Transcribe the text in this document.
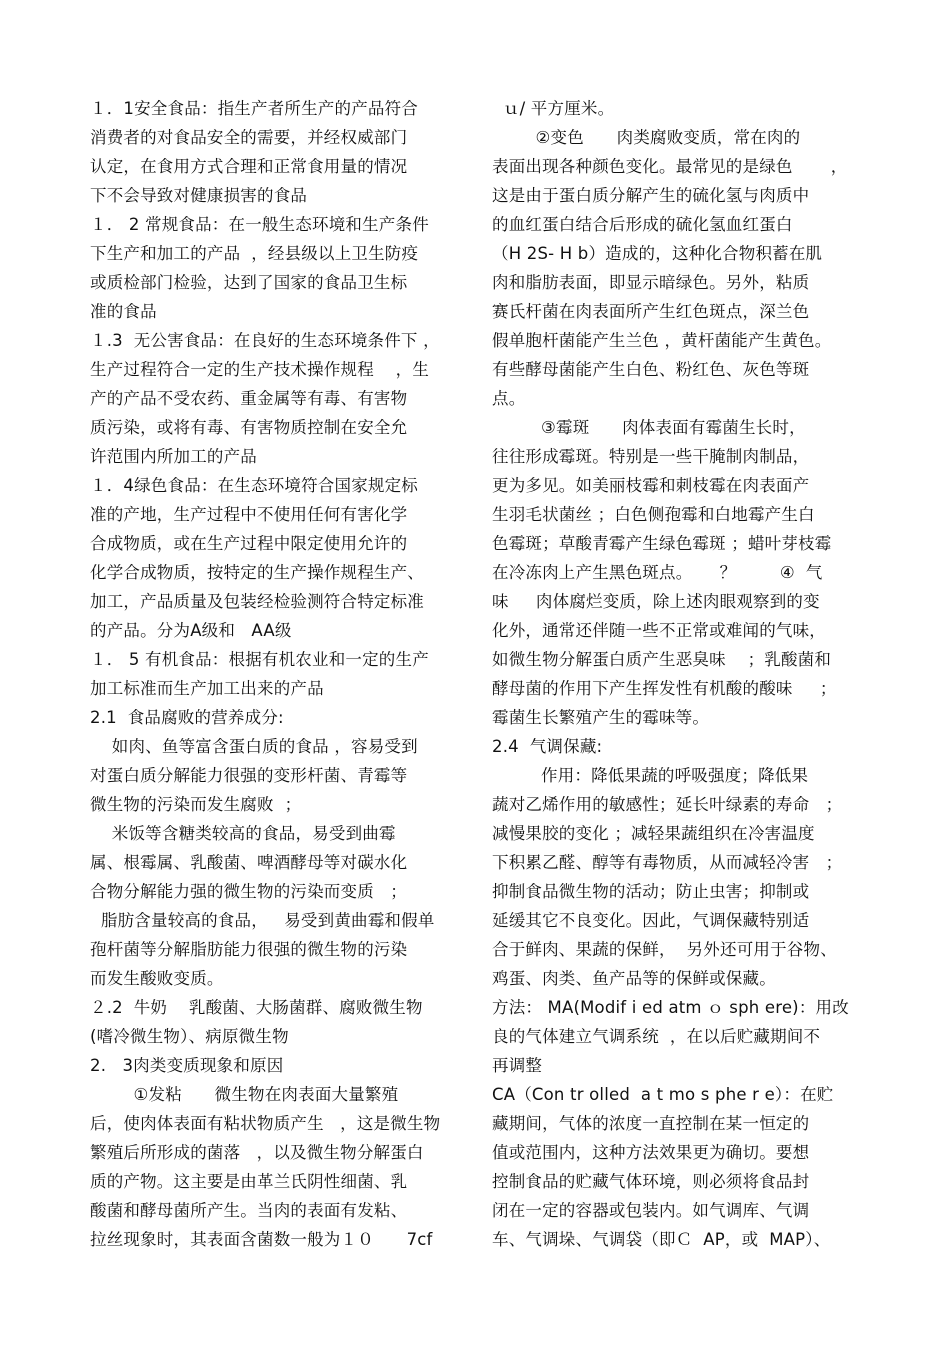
１．1安全食品：指生产者所生产的产品符合
消费者的对食品安全的需要，并经权威部门
认定，在食用方式合理和正常食用量的情况
下不会导致对健康损害的食品
１． 2 常规食品：在一般生态环境和生产条件
下生产和加工的产品  ，经县级以上卫生防疫
或质检部门检验，达到了国家的食品卫生标
准的食品
１.3  无公害食品：在良好的生态环境条件下 ，
生产过程符合一定的生产技术操作规程    ，生
产的产品不受农药、重金属等有毒、有害物
质污染，或将有毒、有害物质控制在安全允
许范围内所加工的产品
１．4绿色食品：在生态环境符合国家规定标
准的产地，生产过程中不使用任何有害化学
合成物质，或在生产过程中限定使用允许的
化学合成物质，按特定的生产操作规程生产、
加工，产品质量及包装经检验测符合特定标准
的产品。分为A级和   AA级
１． 5 有机食品：根据有机农业和一定的生产
加工标准而生产加工出来的产品
2.1  食品腐败的营养成分:
如肉、鱼等富含蛋白质的食品 ，容易受到
对蛋白质分解能力很强的变形杆菌、青霉等
微生物的污染而发生腐败  ；
米饭等含糖类较高的食品，易受到曲霉
属、根霉属、乳酸菌、啤酒酵母等对碳水化
合物分解能力强的微生物的污染而变质   ；
脂肪含量较高的食品，   易受到黄曲霉和假单
孢杆菌等分解脂肪能力很强的微生物的污染
而发生酸败变质。
２.2  牛奶    乳酸菌、大肠菌群、腐败微生物
(嗜冷微生物）、病原微生物
2.   3肉类变质现象和原因
①发粘      微生物在肉表面大量繁殖
后，使肉体表面有粘状物质产生   ，这是微生物
繁殖后所形成的菌落   ，以及微生物分解蛋白
质的产物。这主要是由革兰氏阴性细菌、乳
酸菌和酵母菌所产生。当肉的表面有发粘、
拉丝现象时，其表面含菌数一般为１０      7cf
ｕ/ 平方厘米。
②变色      肉类腐败变质，常在肉的
表面出现各种颜色变化。最常见的是绿色       ，
这是由于蛋白质分解产生的硫化氢与肉质中
的血红蛋白结合后形成的硫化氢血红蛋白
（H 2S- H b）造成的，这种化合物积蓄在肌
肉和脂肪表面，即显示暗绿色。另外，粘质
赛氏杆菌在肉表面所产生红色斑点，深兰色
假单胞杆菌能产生兰色 ，黄杆菌能产生黄色。
有些酵母菌能产生白色、粉红色、灰色等斑
点。
③霉斑      肉体表面有霉菌生长时，
往往形成霉斑。特别是一些干腌制肉制品，
更为多见。如美丽枝霉和刺枝霉在肉表面产
生羽毛状菌丝 ；白色侧孢霉和白地霉产生白
色霉斑；草酸青霉产生绿色霉斑 ；蜡叶芽枝霉
在冷冻肉上产生黑色斑点。     ？        ④  气
味     肉体腐烂变质，除上述肉眼观察到的变
化外，通常还伴随一些不正常或难闻的气味，
如微生物分解蛋白质产生恶臭味    ；乳酸菌和
酵母菌的作用下产生挥发性有机酸的酸味     ；
霉菌生长繁殖产生的霉味等。
2.4  气调保藏:
作用：降低果蔬的呼吸强度；降低果
蔬对乙烯作用的敏感性；延长叶绿素的寿命   ；
减慢果胶的变化 ；减轻果蔬组织在冷害温度
下积累乙醛、醇等有毒物质，从而减轻冷害   ；
抑制食品微生物的活动；防止虫害；抑制或
延缓其它不良变化。因此，气调保藏特别适
合于鲜肉、果蔬的保鲜，  另外还可用于谷物、
鸡蛋、肉类、鱼产品等的保鲜或保藏。
方法： MA(Modif i ed atm ｏ sph ere)：用改
良的气体建立气调系统  ，在以后贮藏期间不
再调整
CA（Con tr olled  a t mo s phe r e）：在贮
藏期间，气体的浓度一直控制在某一恒定的
值或范围内，这种方法效果更为确切。要想
控制食品的贮藏气体环境，则必须将食品封
闭在一定的容器或包装内。如气调库、气调
车、气调垛、气调袋（即Ｃ  AP，或  MAP）、
